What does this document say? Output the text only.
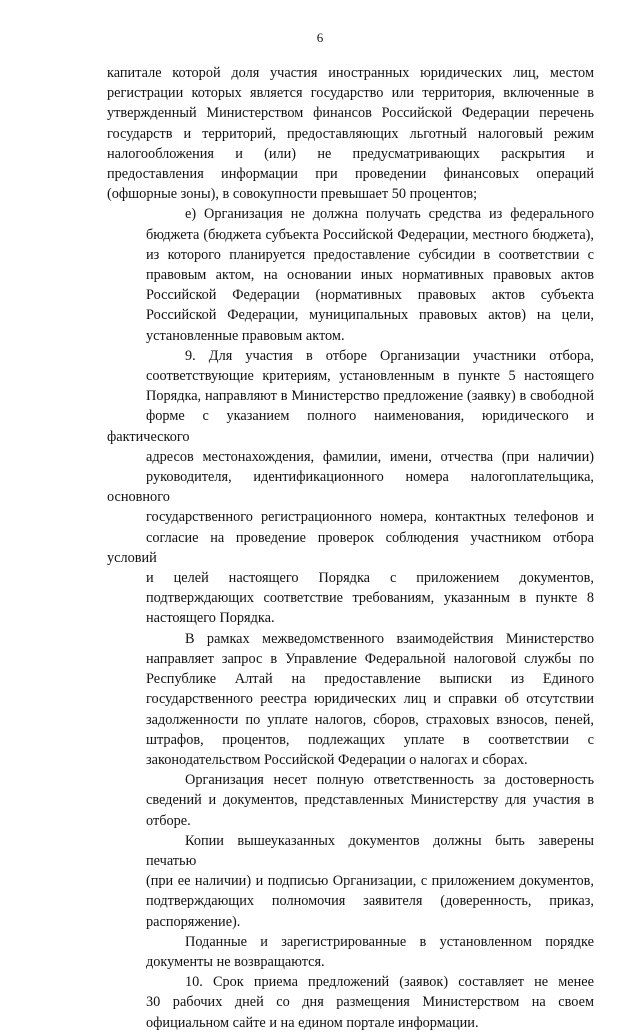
6
капитале которой доля участия иностранных юридических лиц, местом
регистрации которых является государство или территория, включенные в
утвержденный Министерством финансов Российской Федерации перечень
государств и территорий, предоставляющих льготный налоговый режим
налогообложения и (или) не предусматривающих раскрытия и
предоставления информации при проведении финансовых операций
(офшорные зоны), в совокупности превышает 50 процентов;
е) Организация не должна получать средства из федерального
бюджета (бюджета субъекта Российской Федерации, местного бюджета),
из которого планируется предоставление субсидии в соответствии с
правовым актом, на основании иных нормативных правовых актов
Российской Федерации (нормативных правовых актов субъекта
Российской Федерации, муниципальных правовых актов) на цели,
установленные правовым актом.
9. Для участия в отборе Организации участники отбора,
соответствующие критериям, установленным в пункте 5 настоящего
Порядка, направляют в Министерство предложение (заявку) в свободной
форме с указанием полного наименования, юридического и фактического
адресов местонахождения, фамилии, имени, отчества (при наличии)
руководителя, идентификационного номера налогоплательщика, основного
государственного регистрационного номера, контактных телефонов и
согласие на проведение проверок соблюдения участником отбора условий
и целей настоящего Порядка с приложением документов,
подтверждающих соответствие требованиям, указанным в пункте 8
настоящего Порядка.
В рамках межведомственного взаимодействия Министерство
направляет запрос в Управление Федеральной налоговой службы по
Республике Алтай на предоставление выписки из Единого
государственного реестра юридических лиц и справки об отсутствии
задолженности по уплате налогов, сборов, страховых взносов, пеней,
штрафов, процентов, подлежащих уплате в соответствии с
законодательством Российской Федерации о налогах и сборах.
Организация несет полную ответственность за достоверность
сведений и документов, представленных Министерству для участия в
отборе.
Копии вышеуказанных документов должны быть заверены печатью
(при ее наличии) и подписью Организации, с приложением документов,
подтверждающих полномочия заявителя (доверенность, приказ,
распоряжение).
Поданные и зарегистрированные в установленном порядке
документы не возвращаются.
10. Срок приема предложений (заявок) составляет не менее
30 рабочих дней со дня размещения Министерством на своем
официальном сайте и на едином портале информации.
